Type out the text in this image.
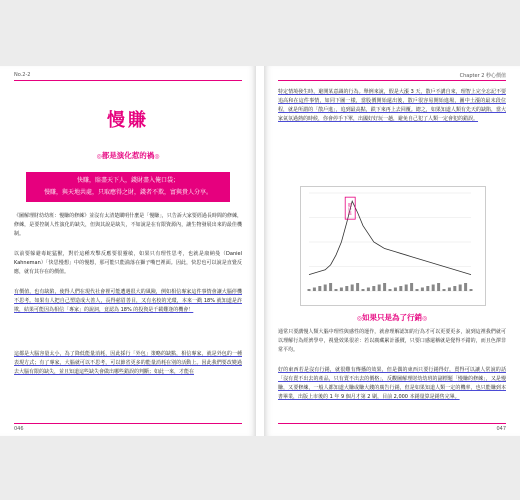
No.2-2
慢賺
◎都是演化惹的禍◎
快賺，賠盡天下人，錢財盡入俺口袋；
慢賺，與天地共處，只取應得之財，錢者不欺，富與貴人分享。

《圖解理財幼幼班：慢賺的修練》並沒有太清楚闡明什麼是「慢賺」，只告訴大家要經過長時間的修練，修練，是要控制人性演化的缺失，但與其說是缺失，不如說是在有限資源內，讓生物發展出來的最佳機制。

以前要躲避毒蛇猛獸，對於這種攻擊反應要很靈敏，如果只有理性思考，也就是康納曼（Daniel Kahneman）「快思慢想」中的慢想，那可能只能淪落在獅子嘴巴裡面。因此，快思也可以說是直覺反應，就有其存在的價值。

有價值，也有缺陷，使得人們在現代社會裡可能遭遇很大的風險，例如相信專家這件事情會讓大腦停機不思考。如果有人把自己塑造成大善人，長得慈眉善目，又有名校的光環，本來一戳 18% 就知道是詐欺，結果可能因為相信「專家」的說詞，竟認為 18% 的投資是千載難逢的機會！

這都是大腦容量太小，為了降低能量消耗，因此採行「外包」策略的缺點，相信專家，就是外包的一種表現方式；有了專家，大腦就可以不思考，可以節省更多的能量消耗在別的活動上。因此我們要改變過去大腦有限的缺失，並且知道這些缺失會做出哪些錯誤的判斷；如此一來，才能在

046
Chapter 2 秒心價值

特定情境發生時，避開某意識的行為。舉例來說，假是大漲 3 天，散戶不講自來，理智上完全忘記不要追高和在這件事情，如同下圖一樣，當股價開始還出後，散戶很容易開始進場，圖中土漲的最末段位程，就是所謂的「散戶進」，追到最高點，跌下來再上去回覆。總之，如果知道人類有先天的缺陷，當大家氣氛過熱的時候，你會停手下單，出國好好玩一趟，避免自己犯了人類一定會犯的錯誤。

散戶進
◎如果只是為了行銷◎

通常只要講慢人類大腦中理性與感性的運作，就會理解認知的行為才可以更要更多，說到這裡我們就可以理解行為經濟學中，視覺效果很差：若以廣藏累計漲價，只要口感還稱就是覺得不錯的，而且色澤非常平均。

好的東西若是沒有行銷，就很難有傳播的效果，但是偶的東西只要行銷得好，賣得可以讓人常說的話「沒有賣不出去的產品，只有賣不出去的價格」，反觀圖解理財幼幼班的副標題「慢賺的修練」，又是慢賺，又要修練，一般人都知道大賺或賺大錢的廣告行銷，但是如果知道人類一定的機率，也只能賺到本書畢業，出版上市後的 1 年 9 個月才第 2 刷，目前 2,000 本銷量算是銷售完畢。

047
